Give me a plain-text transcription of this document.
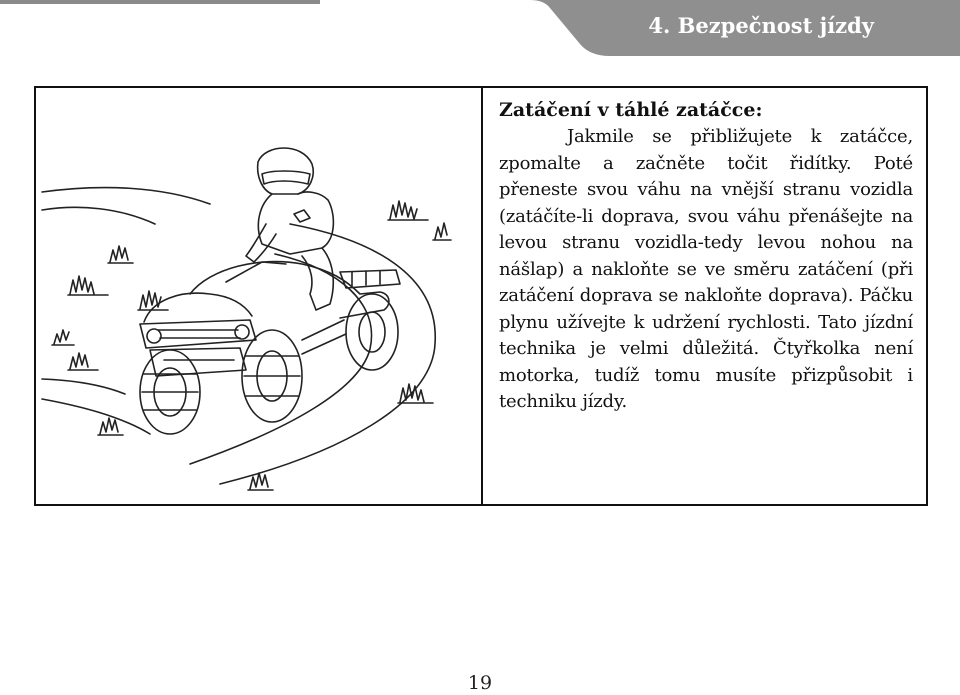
4. Bezpečnost jízdy
Zatáčení v táhlé zatáčce:

Jakmile se přibližujete k zatáčce, zpomalte a začněte točit řidítky. Poté přeneste svou váhu na vnější stranu vozidla (zatáčíte-li doprava, svou váhu přenášejte na levou stranu vozidla-tedy levou nohou na nášlap) a nakloňte se ve směru zatáčení (při zatáčení doprava se nakloňte doprava). Páčku plynu užívejte k udržení rychlosti. Tato jízdní technika je velmi důležitá. Čtyřkolka není motorka, tudíž tomu musíte přizpůsobit i techniku jízdy.

19
